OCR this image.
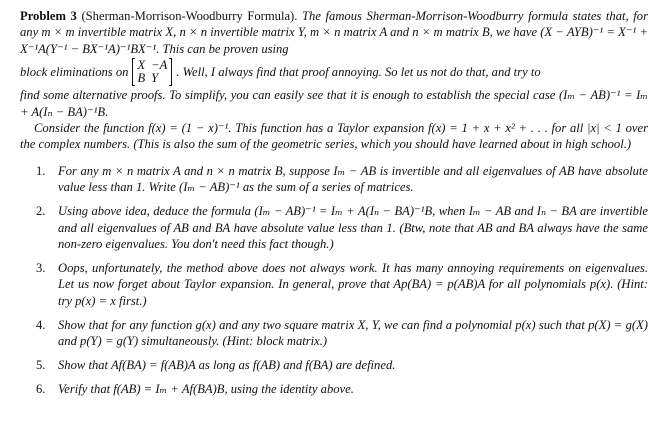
Problem 3 (Sherman-Morrison-Woodburry Formula). The famous Sherman-Morrison-Woodburry formula states that, for any m × m invertible matrix X, n × n invertible matrix Y, m × n matrix A and n × m matrix B, we have (X − AYB)⁻¹ = X⁻¹ + X⁻¹A(Y⁻¹ − BX⁻¹A)⁻¹BX⁻¹. This can be proven using
block eliminations on X −A
B Y	. Well, I always find that proof annoying. So let us not do that, and try to
find some alternative proofs. To simplify, you can easily see that it is enough to establish the special case (Iₘ − AB)⁻¹ = Iₘ + A(Iₙ − BA)⁻¹B.
Consider the function f(x) = (1 − x)⁻¹. This function has a Taylor expansion f(x) = 1 + x + x² + . . . for all |x| < 1 over the complex numbers. (This is also the sum of the geometric series, which you should have learned about in high school.)
1. For any m × n matrix A and n × n matrix B, suppose Iₘ − AB is invertible and all eigenvalues of AB have absolute value less than 1. Write (Iₘ − AB)⁻¹ as the sum of a series of matrices.
2. Using above idea, deduce the formula (Iₘ − AB)⁻¹ = Iₘ + A(Iₙ − BA)⁻¹B, when Iₘ − AB and Iₙ − BA are invertible and all eigenvalues of AB and BA have absolute value less than 1. (Btw, note that AB and BA always have the same non-zero eigenvalues. You don't need this fact though.)
3. Oops, unfortunately, the method above does not always work. It has many annoying requirements on eigenvalues. Let us now forget about Taylor expansion. In general, prove that Ap(BA) = p(AB)A for all polynomials p(x). (Hint: try p(x) = x first.)
4. Show that for any function g(x) and any two square matrix X, Y, we can find a polynomial p(x) such that p(X) = g(X) and p(Y) = g(Y) simultaneously. (Hint: block matrix.)
5. Show that Af(BA) = f(AB)A as long as f(AB) and f(BA) are defined.
6. Verify that f(AB) = Iₘ + Af(BA)B, using the identity above.
